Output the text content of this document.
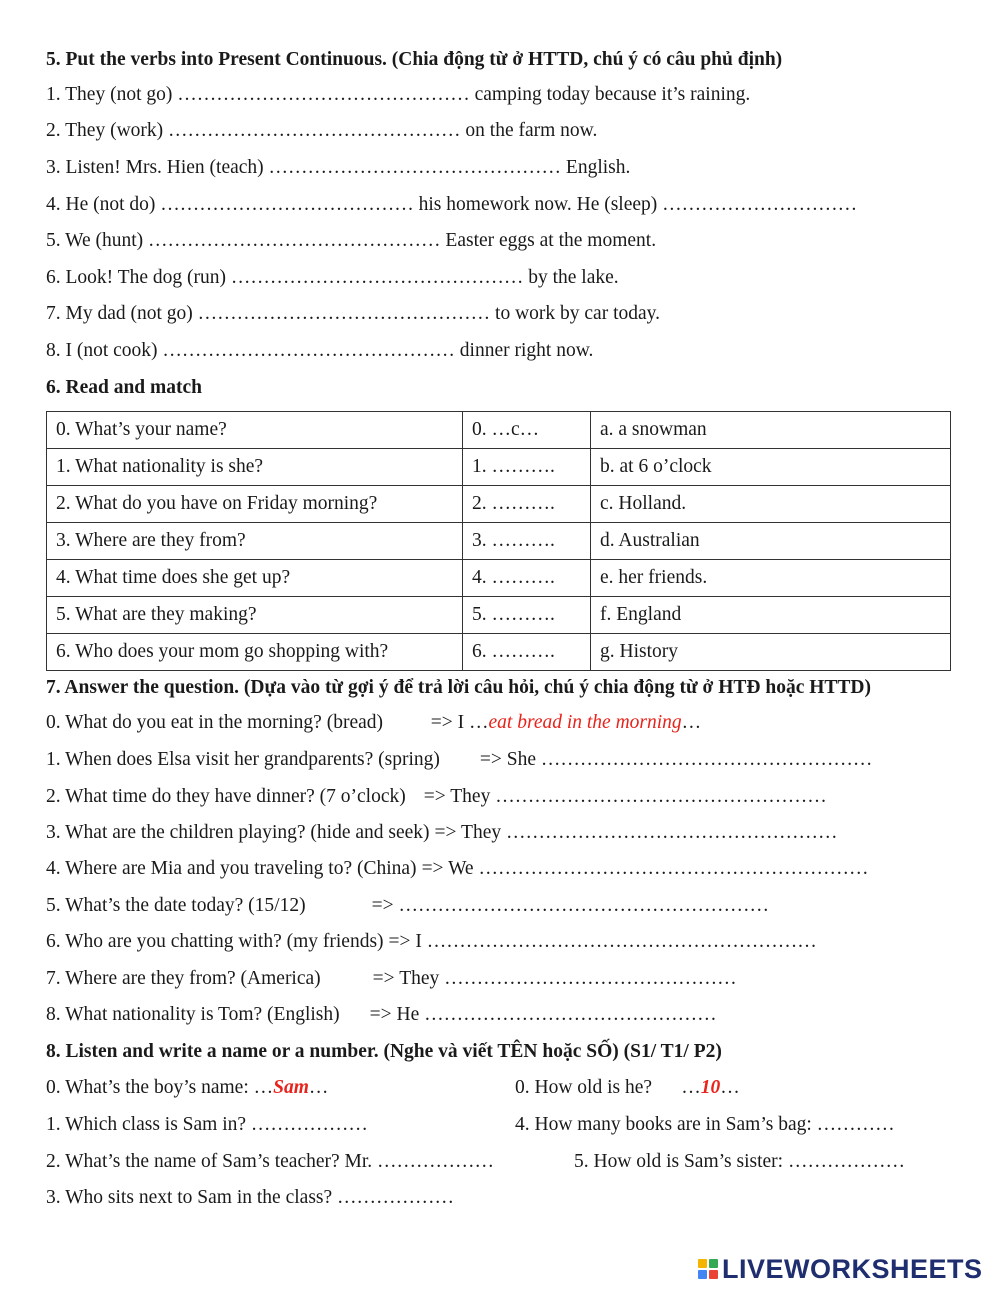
5. Put the verbs into Present Continuous. (Chia động từ ở HTTD, chú ý có câu phủ định)
1. They (not go) ……………………………………… camping today because it’s raining.
2. They (work) ……………………………………… on the farm now.
3. Listen! Mrs. Hien (teach) ……………………………………… English.
4. He (not do) ………………………………… his homework now. He (sleep) …………………………
5. We (hunt) ……………………………………… Easter eggs at the moment.
6. Look! The dog (run) ……………………………………… by the lake.
7. My dad (not go) ……………………………………… to work by car today.
8. I (not cook) ……………………………………… dinner right now.
6. Read and match
0. What’s your name?	0. …c…	a. a snowman
1. What nationality is she?	1. ……….	b. at 6 o’clock
2. What do you have on Friday morning?	2. ……….	c. Holland.
3. Where are they from?	3. ……….	d. Australian
4. What time does she get up?	4. ……….	e. her friends.
5. What are they making?	5. ……….	f. England
6. Who does your mom go shopping with?	6. ……….	g. History
7. Answer the question. (Dựa vào từ gợi ý để trả lời câu hỏi, chú ý chia động từ ở HTĐ hoặc HTTD)
0. What do you eat in the morning? (bread) => I …eat bread in the morning…
1. When does Elsa visit her grandparents? (spring) => She ……………………………………………
2. What time do they have dinner? (7 o’clock) => They ……………………………………………
3. What are the children playing? (hide and seek) => They ……………………………………………
4. Where are Mia and you traveling to? (China) => We ……………………………………………………
5. What’s the date today? (15/12)	=> …………………………………………………
6. Who are you chatting with? (my friends) => I ……………………………………………………
7. Where are they from? (America)	=> They ………………………………………
8. What nationality is Tom? (English) => He ………………………………………
8. Listen and write a name or a number. (Nghe và viết TÊN hoặc SỐ) (S1/ T1/ P2)
0. What’s the boy’s name: …Sam…	0. How old is he?      …10…
1. Which class is Sam in? ………………	4. How many books are in Sam’s bag: …………
2. What’s the name of Sam’s teacher? Mr. ………………	5. How old is Sam’s sister: ………………
3. Who sits next to Sam in the class? ………………
LIVEWORKSHEETS
